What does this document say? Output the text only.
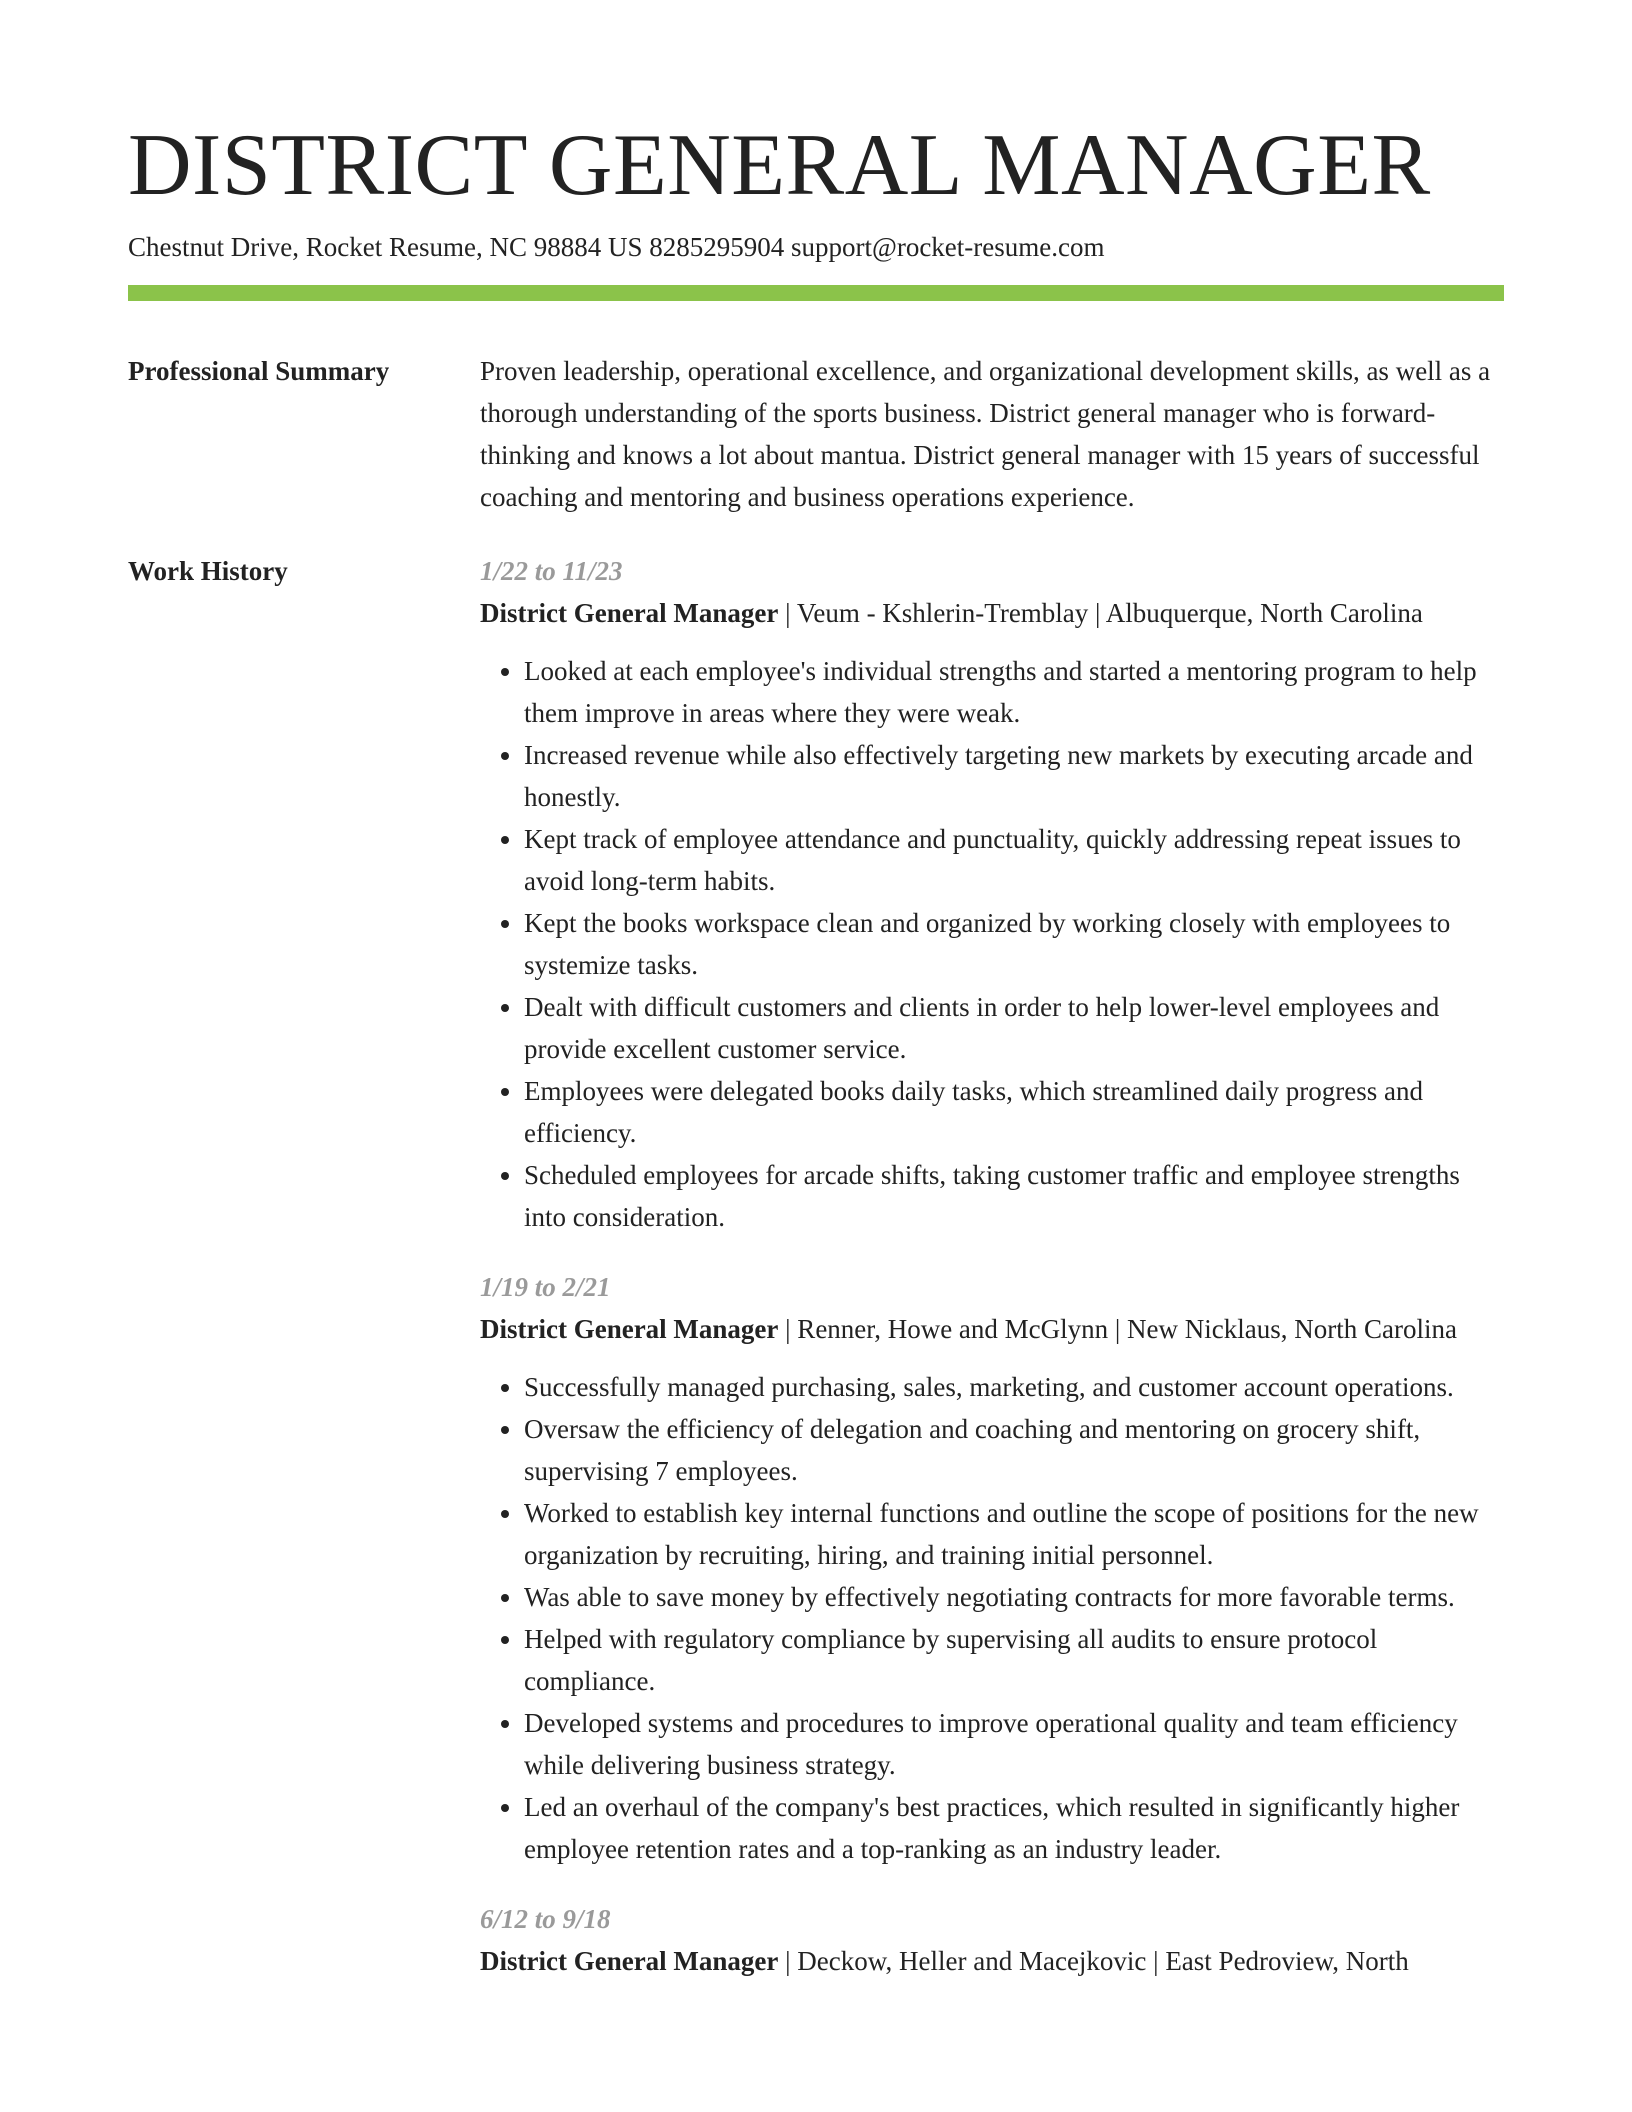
DISTRICT GENERAL MANAGER
Chestnut Drive, Rocket Resume, NC 98884 US 8285295904 support@rocket-resume.com
Professional Summary	Proven leadership, operational excellence, and organizational development skills, as well as a thorough understanding of the sports business. District general manager who is forward-thinking and knows a lot about mantua. District general manager with 15 years of successful coaching and mentoring and business operations experience.

Work History	1/22 to 11/23

District General Manager | Veum - Kshlerin-Tremblay | Albuquerque, North Carolina

• Looked at each employee's individual strengths and started a mentoring program to help them improve in areas where they were weak.
• Increased revenue while also effectively targeting new markets by executing arcade and honestly.
• Kept track of employee attendance and punctuality, quickly addressing repeat issues to avoid long-term habits.
• Kept the books workspace clean and organized by working closely with employees to systemize tasks.
• Dealt with difficult customers and clients in order to help lower-level employees and provide excellent customer service.
• Employees were delegated books daily tasks, which streamlined daily progress and efficiency.
• Scheduled employees for arcade shifts, taking customer traffic and employee strengths into consideration.
1/19 to 2/21

District General Manager | Renner, Howe and McGlynn | New Nicklaus, North Carolina

• Successfully managed purchasing, sales, marketing, and customer account operations.
• Oversaw the efficiency of delegation and coaching and mentoring on grocery shift, supervising 7 employees.
• Worked to establish key internal functions and outline the scope of positions for the new organization by recruiting, hiring, and training initial personnel.
• Was able to save money by effectively negotiating contracts for more favorable terms.
• Helped with regulatory compliance by supervising all audits to ensure protocol compliance.
• Developed systems and procedures to improve operational quality and team efficiency while delivering business strategy.
• Led an overhaul of the company's best practices, which resulted in significantly higher employee retention rates and a top-ranking as an industry leader.
6/12 to 9/18

District General Manager | Deckow, Heller and Macejkovic | East Pedroview, North
